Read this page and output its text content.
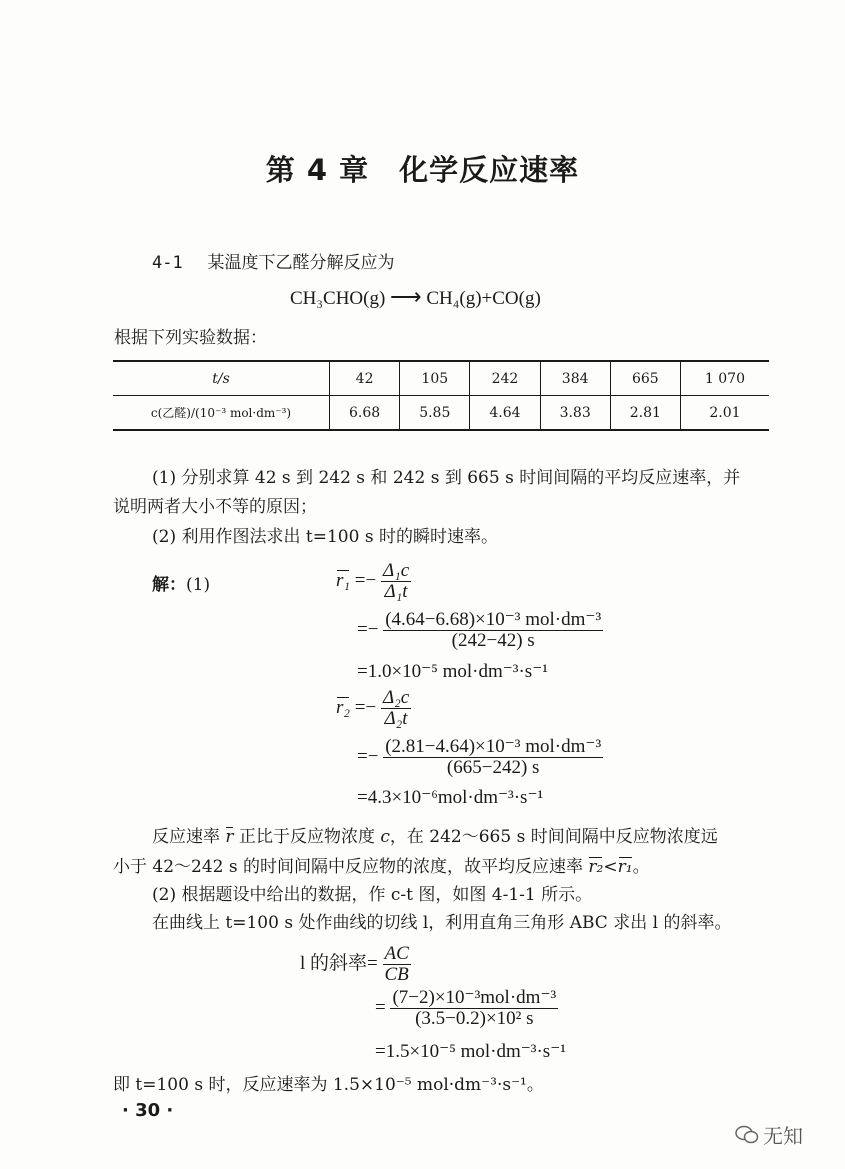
第 4 章 化学反应速率
4-1 某温度下乙醛分解反应为
CH₃CHO(g) ⟶ CH₄(g)+CO(g)
根据下列实验数据：
t/s	42	105	242	384	665	1 070
c(乙醛)/(10⁻³ mol·dm⁻³)	6.68	5.85	4.64	3.83	2.81	2.01
(1) 分别求算 42 s 到 242 s 和 242 s 到 665 s 时间间隔的平均反应速率，并
说明两者大小不等的原因；
(2) 利用作图法求出 t=100 s 时的瞬时速率。
解：(1)	$r_1 =- \frac{\text{Δ₁c}}{\text{Δ₁t}}$
=− $\frac{\text{(4.64−6.68)×10⁻³ mol·dm⁻³}}{(242-42) s}$
=1.0×10⁻⁵ mol·dm⁻³·s⁻¹
$r_2 =- \frac{\text{Δ₂c}}{\text{Δ₂t}}$
=− $\frac{\text{(2.81−4.64)×10⁻³ mol·dm⁻³}}{(665-242) s}$
=4.3×10⁻⁶mol·dm⁻³·s⁻¹
反应速率 r 正比于反应物浓度 c，在 242～665 s 时间间隔中反应物浓度远
小于 42～242 s 的时间间隔中反应物的浓度，故平均反应速率 r₂<r₁。
(2) 根据题设中给出的数据，作 c-t 图，如图 4-1-1 所示。
在曲线上 t=100 s 处作曲线的切线 l，利用直角三角形 ABC 求出 l 的斜率。
l 的斜率= $\frac{AC}{CB}$
= $\frac{\text{(7−2)×10⁻³mol·dm⁻³}}{\text{(3.5−0.2)×10² s}}$
=1.5×10⁻⁵ mol·dm⁻³·s⁻¹
即 t=100 s 时，反应速率为 1.5×10⁻⁵ mol·dm⁻³·s⁻¹。
· 30 ·
无知
